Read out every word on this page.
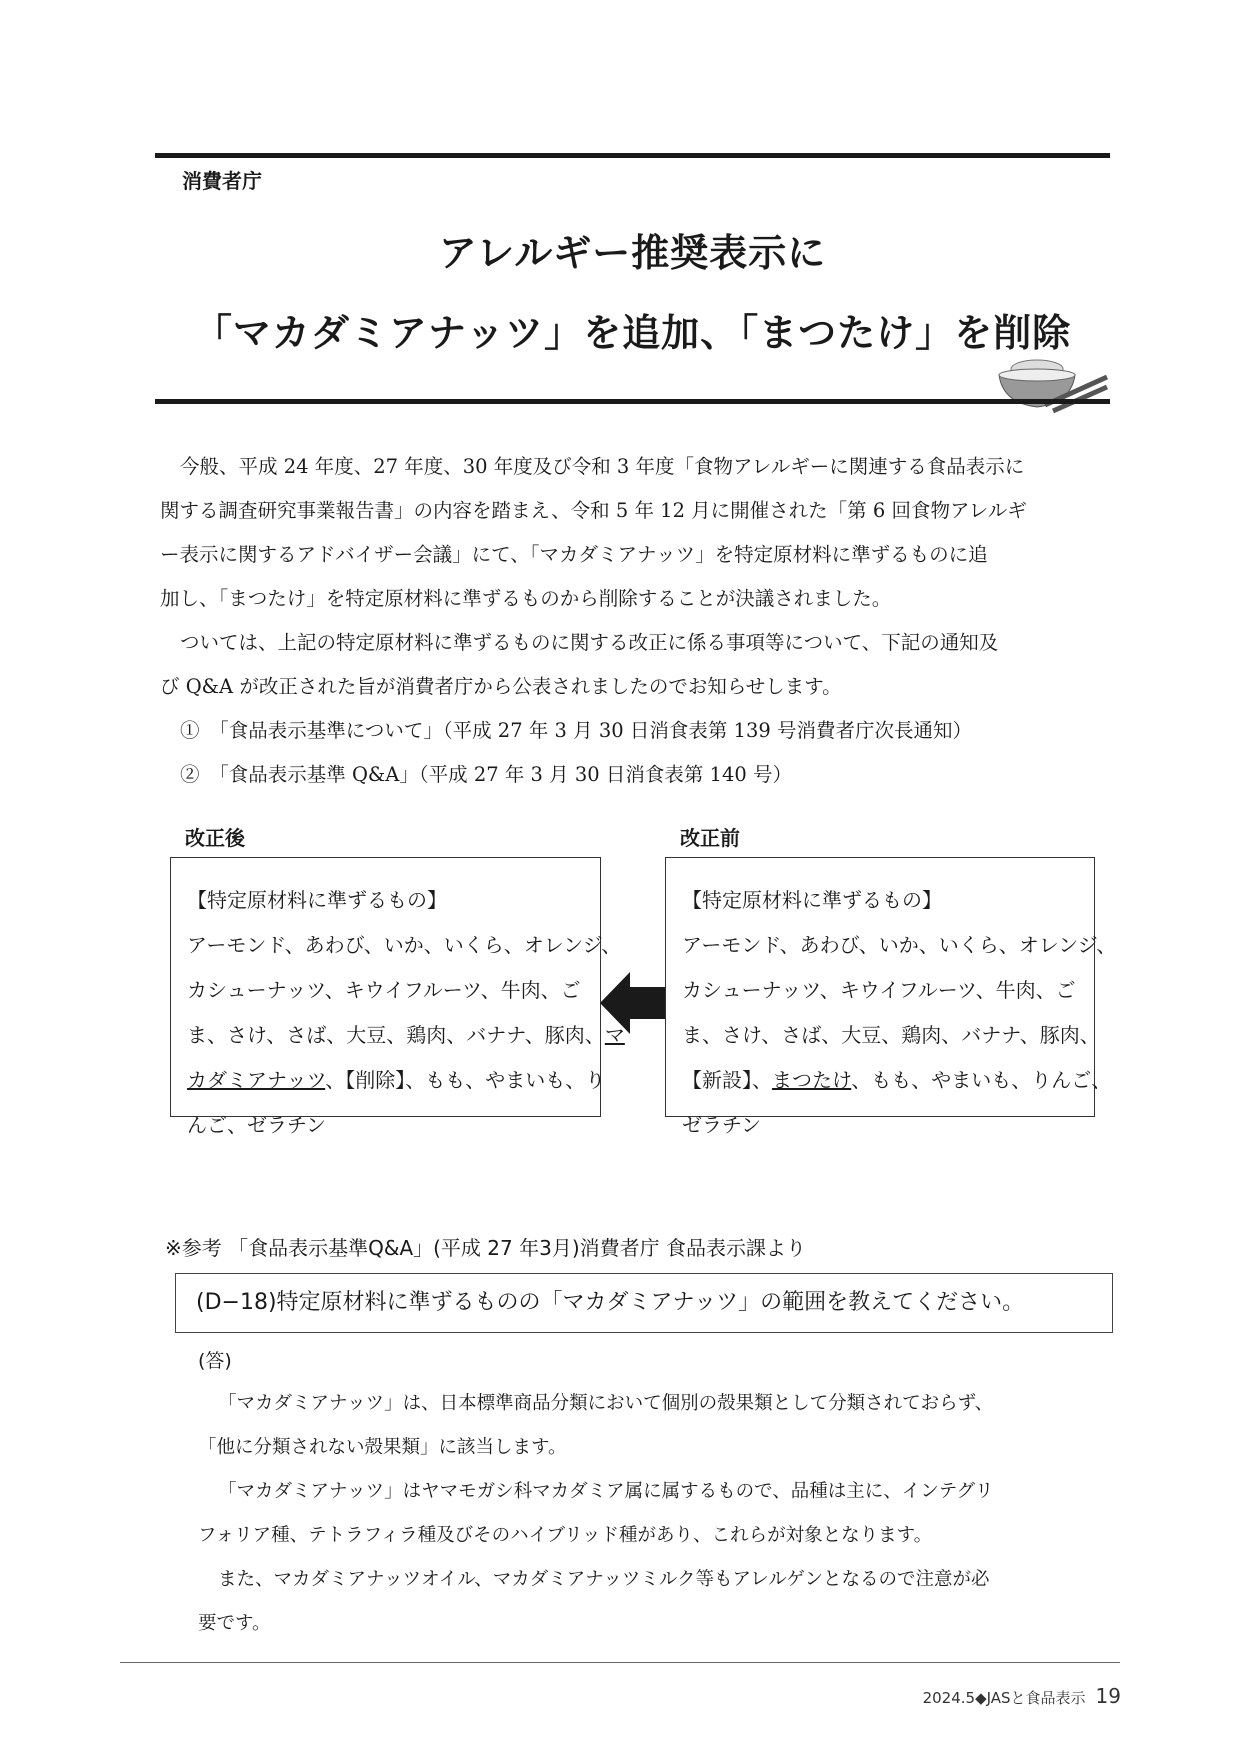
消費者庁
アレルギー推奨表示に
「マカダミアナッツ」を追加、「まつたけ」を削除

今般、平成 24 年度、27 年度、30 年度及び令和 3 年度「食物アレルギーに関連する食品表示に

関する調査研究事業報告書」の内容を踏まえ、令和 5 年 12 月に開催された「第 6 回食物アレルギ

ー表示に関するアドバイザー会議」にて、「マカダミアナッツ」を特定原材料に準ずるものに追

加し、「まつたけ」を特定原材料に準ずるものから削除することが決議されました。

ついては、上記の特定原材料に準ずるものに関する改正に係る事項等について、下記の通知及

び Q&A が改正された旨が消費者庁から公表されましたのでお知らせします。

①　「食品表示基準について」（平成 27 年 3 月 30 日消食表第 139 号消費者庁次長通知）

②　「食品表示基準 Q&A」（平成 27 年 3 月 30 日消食表第 140 号）

改正後	改正前
【特定原材料に準ずるもの】
アーモンド、あわび、いか、いくら、オレンジ、
カシューナッツ、キウイフルーツ、牛肉、ご
ま、さけ、さば、大豆、鶏肉、バナナ、豚肉、マ
カダミアナッツ、【削除】、もも、やまいも、り
んご、ゼラチン
【特定原材料に準ずるもの】
アーモンド、あわび、いか、いくら、オレンジ、
カシューナッツ、キウイフルーツ、牛肉、ご
ま、さけ、さば、大豆、鶏肉、バナナ、豚肉、
【新設】、まつたけ、もも、やまいも、りんご、
ゼラチン
※参考 「食品表示基準Q&A」(平成 27 年3月)消費者庁 食品表示課より
(D−18)特定原材料に準ずるものの「マカダミアナッツ」の範囲を教えてください。
(答)

「マカダミアナッツ」は、日本標準商品分類において個別の殻果類として分類されておらず、

「他に分類されない殻果類」に該当します。

「マカダミアナッツ」はヤマモガシ科マカダミア属に属するもので、品種は主に、インテグリ

フォリア種、テトラフィラ種及びそのハイブリッド種があり、これらが対象となります。

また、マカダミアナッツオイル、マカダミアナッツミルク等もアレルゲンとなるので注意が必

要です。

2024.5◆JASと食品表示 19
